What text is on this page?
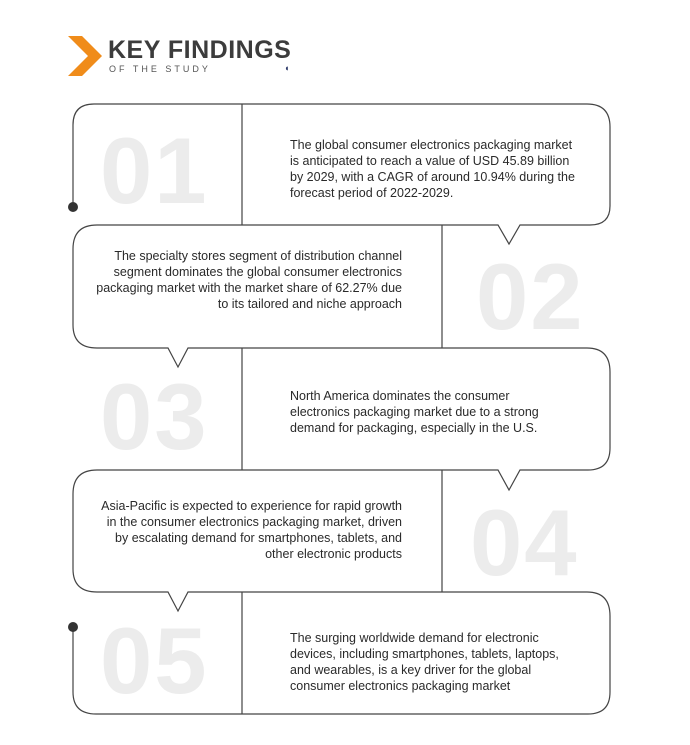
KEY FINDINGS
OF THE STUDY	◖
01	The global consumer electronics packaging market is anticipated to reach a value of USD 45.89 billion by 2029, with a CAGR of around 10.94% during the forecast period of 2022-2029.
02
The specialty stores segment of distribution channel segment dominates the global consumer electronics packaging market with the market share of 62.27% due to its tailored and niche approach
03	North America dominates the consumer electronics packaging market due to a strong demand for packaging, especially in the U.S.
04
Asia-Pacific is expected to experience for rapid growth in the consumer electronics packaging market, driven by escalating demand for smartphones, tablets, and other electronic products
05	The surging worldwide demand for electronic devices, including smartphones, tablets, laptops, and wearables, is a key driver for the global consumer electronics packaging market
